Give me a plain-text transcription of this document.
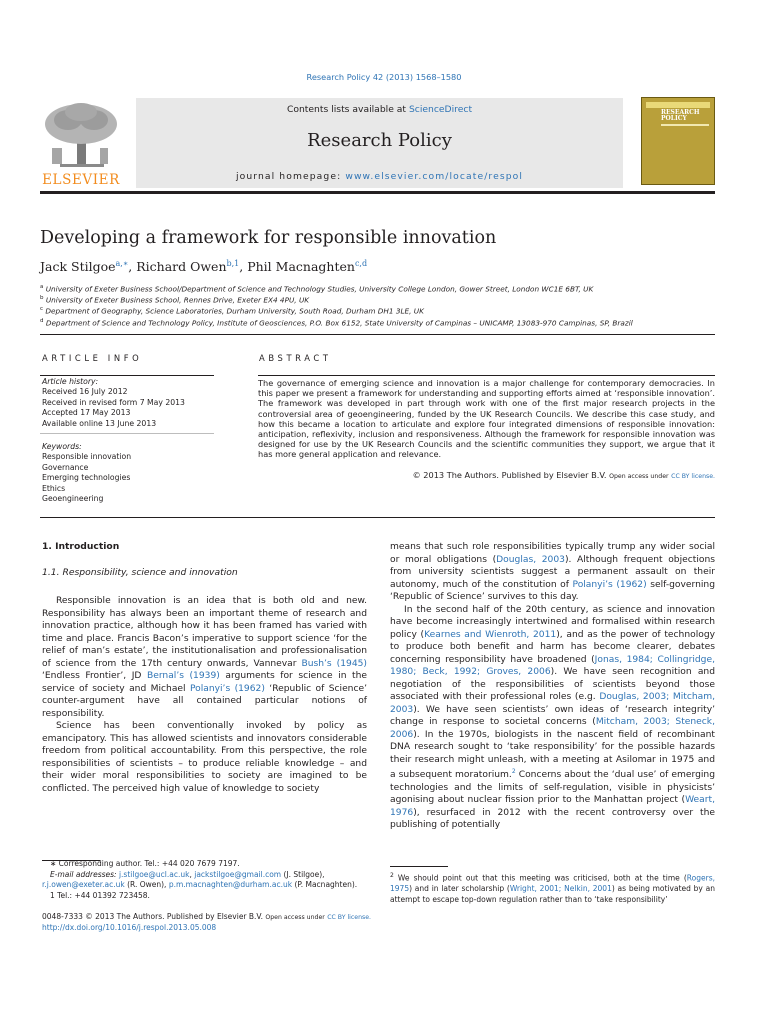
Research Policy 42 (2013) 1568–1580
ELSEVIER
Contents lists available at ScienceDirect
Research Policy
journal homepage: www.elsevier.com/locate/respol
RESEARCH
POLICY
Developing a framework for responsible innovation
Jack Stilgoe$^{a,∗}$, Richard Owen$^{b,1}$, Phil Macnaghten$^{c,d}$
$^a$ University of Exeter Business School/Department of Science and Technology Studies, University College London, Gower Street, London WC1E 6BT, UK
$^b$ University of Exeter Business School, Rennes Drive, Exeter EX4 4PU, UK
$^c$ Department of Geography, Science Laboratories, Durham University, South Road, Durham DH1 3LE, UK
$^d$ Department of Science and Technology Policy, Institute of Geosciences, P.O. Box 6152, State University of Campinas – UNICAMP, 13083-970 Campinas, SP, Brazil
ARTICLE INFO	ABSTRACT
Article history:
Received 16 July 2012
Received in revised form 7 May 2013
Accepted 17 May 2013
Available online 13 June 2013
Keywords:
Responsible innovation
Governance
Emerging technologies
Ethics
Geoengineering
The governance of emerging science and innovation is a major challenge for contemporary democracies. In this paper we present a framework for understanding and supporting efforts aimed at ‘responsible innovation’. The framework was developed in part through work with one of the first major research projects in the controversial area of geoengineering, funded by the UK Research Councils. We describe this case study, and how this became a location to articulate and explore four integrated dimensions of responsible innovation: anticipation, reflexivity, inclusion and responsiveness. Although the framework for responsible innovation was designed for use by the UK Research Councils and the scientific communities they support, we argue that it has more general application and relevance.
© 2013 The Authors. Published by Elsevier B.V. Open access under CC BY license.
1. Introduction
1.1. Responsibility, science and innovation

Responsible innovation is an idea that is both old and new. Responsibility has always been an important theme of research and innovation practice, although how it has been framed has varied with time and place. Francis Bacon’s imperative to support science ‘for the relief of man’s estate’, the institutionalisation and professionalisation of science from the 17th century onwards, Vannevar Bush’s (1945) ‘Endless Frontier’, JD Bernal’s (1939) arguments for science in the service of society and Michael Polanyi’s (1962) ‘Republic of Science’ counter-argument have all contained particular notions of responsibility.

Science has been conventionally invoked by policy as emancipatory. This has allowed scientists and innovators considerable freedom from political accountability. From this perspective, the role responsibilities of scientists – to produce reliable knowledge – and their wider moral responsibilities to society are imagined to be conflicted. The perceived high value of knowledge to society

means that such role responsibilities typically trump any wider social or moral obligations (Douglas, 2003). Although frequent objections from university scientists suggest a permanent assault on their autonomy, much of the constitution of Polanyi’s (1962) self-governing ‘Republic of Science’ survives to this day.

In the second half of the 20th century, as science and innovation have become increasingly intertwined and formalised within research policy (Kearnes and Wienroth, 2011), and as the power of technology to produce both benefit and harm has become clearer, debates concerning responsibility have broadened (Jonas, 1984; Collingridge, 1980; Beck, 1992; Groves, 2006). We have seen recognition and negotiation of the responsibilities of scientists beyond those associated with their professional roles (e.g. Douglas, 2003; Mitcham, 2003). We have seen scientists’ own ideas of ‘research integrity’ change in response to societal concerns (Mitcham, 2003; Steneck, 2006). In the 1970s, biologists in the nascent field of recombinant DNA research sought to ‘take responsibility’ for the possible hazards their research might unleash, with a meeting at Asilomar in 1975 and a subsequent moratorium.$^2$ Concerns about the ‘dual use’ of emerging technologies and the limits of self-regulation, visible in physicists’ agonising about nuclear fission prior to the Manhattan project (Weart, 1976), resurfaced in 2012 with the recent controversy over the publishing of potentially

∗ Corresponding author. Tel.: +44 020 7679 7197.
E-mail addresses: j.stilgoe@ucl.ac.uk, jackstilgoe@gmail.com (J. Stilgoe), r.j.owen@exeter.ac.uk (R. Owen), p.m.macnaghten@durham.ac.uk (P. Macnaghten).
1 Tel.: +44 01392 723458.
$^2$ We should point out that this meeting was criticised, both at the time (Rogers, 1975) and in later scholarship (Wright, 2001; Nelkin, 2001) as being motivated by an attempt to escape top-down regulation rather than to ‘take responsibility’
0048-7333 © 2013 The Authors. Published by Elsevier B.V. Open access under CC BY license.
http://dx.doi.org/10.1016/j.respol.2013.05.008
